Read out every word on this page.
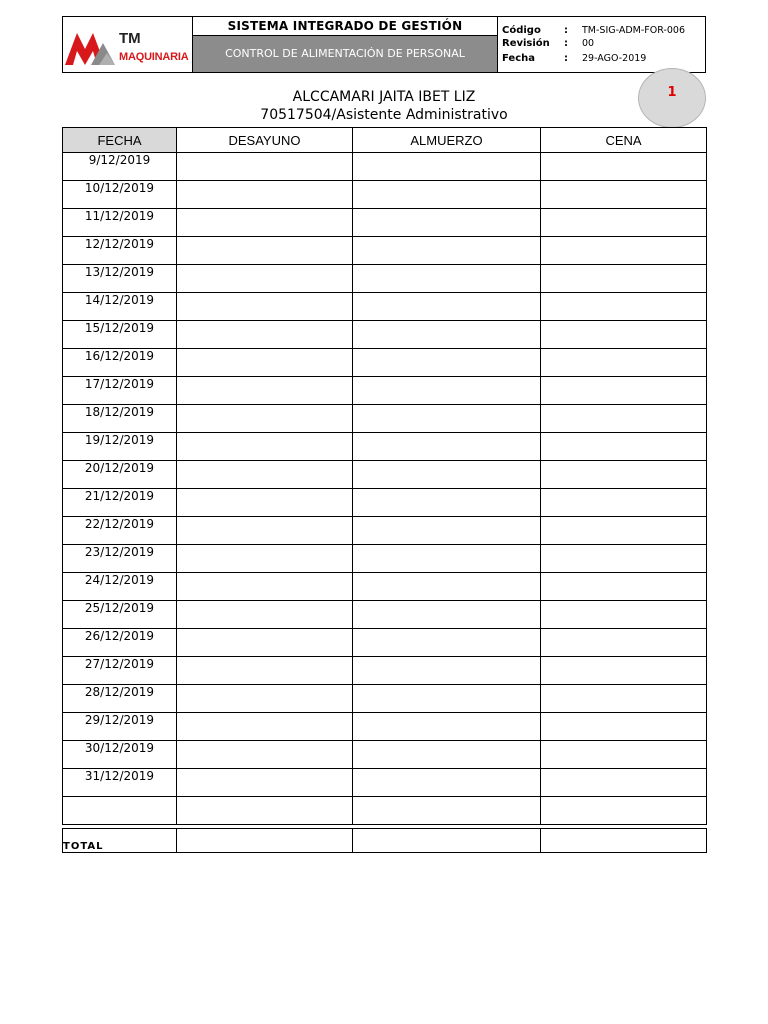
TM
MAQUINARIA
SISTEMA INTEGRADO DE GESTIÓN
CONTROL DE ALIMENTACIÓN DE PERSONAL
Código : TM-SIG-ADM-FOR-006
Revisión : 00
Fecha	: 29-AGO-2019
1
ALCCAMARI JAITA IBET LIZ
70517504/Asistente Administrativo
FECHA	DESAYUNO	ALMUERZO	CENA
9/12/2019			
10/12/2019			
11/12/2019			
12/12/2019			
13/12/2019			
14/12/2019			
15/12/2019			
16/12/2019			
17/12/2019			
18/12/2019			
19/12/2019			
20/12/2019			
21/12/2019			
22/12/2019			
23/12/2019			
24/12/2019			
25/12/2019			
26/12/2019			
27/12/2019			
28/12/2019			
29/12/2019			
30/12/2019			
31/12/2019			

TOTAL			
